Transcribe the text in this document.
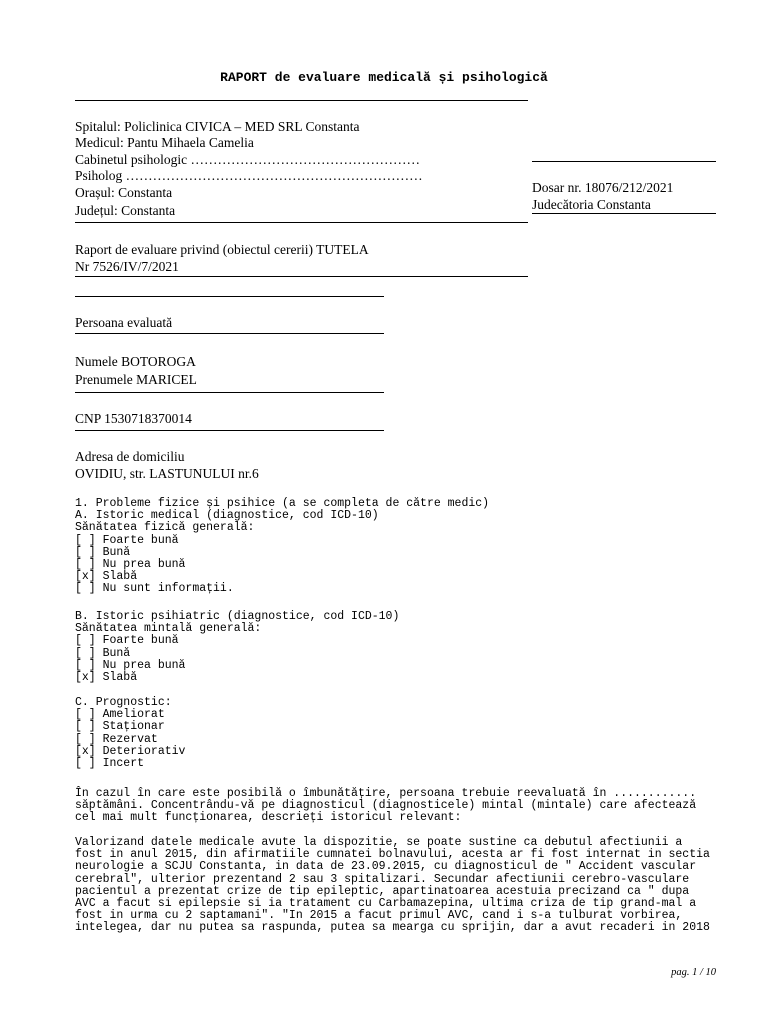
RAPORT de evaluare medicală și psihologică
Spitalul: Policlinica CIVICA – MED SRL Constanta
Medicul: Pantu Mihaela Camelia
Cabinetul psihologic ……………………………………………
Psiholog …………………………………………………………
Orașul: Constanta
Județul: Constanta
Dosar nr. 18076/212/2021
Judecătoria Constanta
Raport de evaluare privind (obiectul cererii) TUTELA
Nr 7526/IV/7/2021
Persoana evaluată
Numele BOTOROGA
Prenumele MARICEL
CNP 1530718370014
Adresa de domiciliu
OVIDIU, str. LASTUNULUI nr.6
1. Probleme fizice și psihice (a se completa de către medic)
A. Istoric medical (diagnostice, cod ICD-10)
Sănătatea fizică generală:
[ ] Foarte bună
[ ] Bună
[ ] Nu prea bună
[x] Slabă
[ ] Nu sunt informații.
B. Istoric psihiatric (diagnostice, cod ICD-10)
Sănătatea mintală generală:
[ ] Foarte bună
[ ] Bună
[ ] Nu prea bună
[x] Slabă
C. Prognostic:
[ ] Ameliorat
[ ] Staționar
[ ] Rezervat
[x] Deteriorativ
[ ] Incert
În cazul în care este posibilă o îmbunătățire, persoana trebuie reevaluată în ............
săptămâni. Concentrându-vă pe diagnosticul (diagnosticele) mintal (mintale) care afectează
cel mai mult funcționarea, descrieți istoricul relevant:
Valorizand datele medicale avute la dispozitie, se poate sustine ca debutul afectiunii a
fost in anul 2015, din afirmatiile cumnatei bolnavului, acesta ar fi fost internat in sectia
neurologie a SCJU Constanta, in data de 23.09.2015, cu diagnosticul de " Accident vascular
cerebral", ulterior prezentand 2 sau 3 spitalizari. Secundar afectiunii cerebro-vasculare
pacientul a prezentat crize de tip epileptic, apartinatoarea acestuia precizand ca " dupa
AVC a facut si epilepsie si ia tratament cu Carbamazepina, ultima criza de tip grand-mal a
fost in urma cu 2 saptamani". "In 2015 a facut primul AVC, cand i s-a tulburat vorbirea,
intelegea, dar nu putea sa raspunda, putea sa mearga cu sprijin, dar a avut recaderi in 2018
pag. 1 / 10
